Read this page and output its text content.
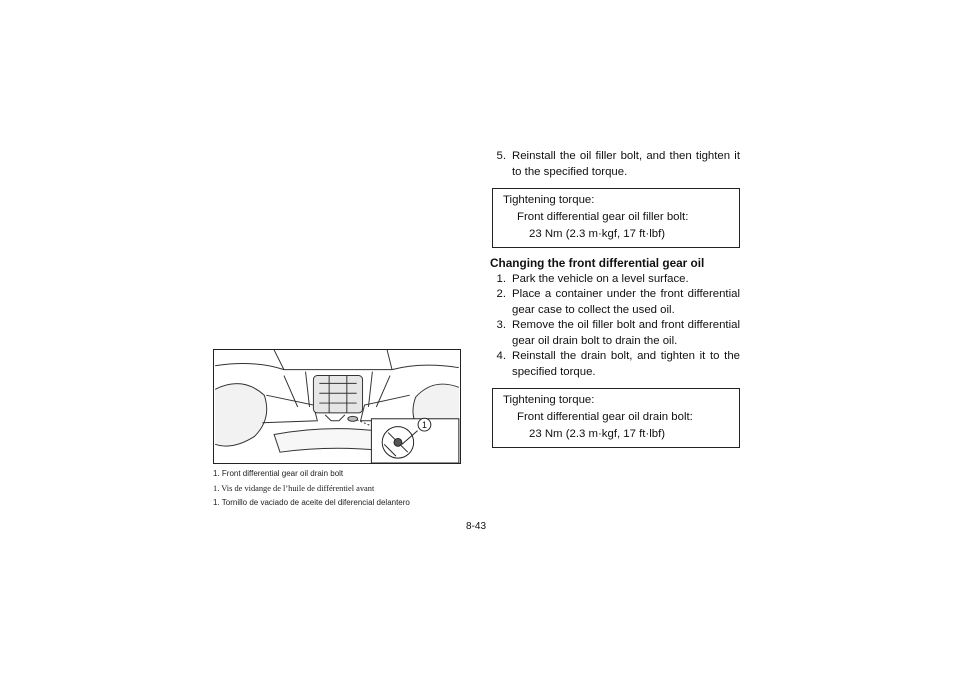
1
1. Front differential gear oil drain bolt
1. Vis de vidange de l’huile de différentiel avant
1. Tornillo de vaciado de aceite del diferencial delantero
5. Reinstall the oil filler bolt, and then tighten it to the specified torque.
Tightening torque:
Front differential gear oil filler bolt:
23 Nm (2.3 m·kgf, 17 ft·lbf)
Changing the front differential gear oil
1. Park the vehicle on a level surface.
2. Place a container under the front differential gear case to collect the used oil.
3. Remove the oil filler bolt and front differential gear oil drain bolt to drain the oil.
4. Reinstall the drain bolt, and tighten it to the specified torque.
Tightening torque:
Front differential gear oil drain bolt:
23 Nm (2.3 m·kgf, 17 ft·lbf)
8-43
